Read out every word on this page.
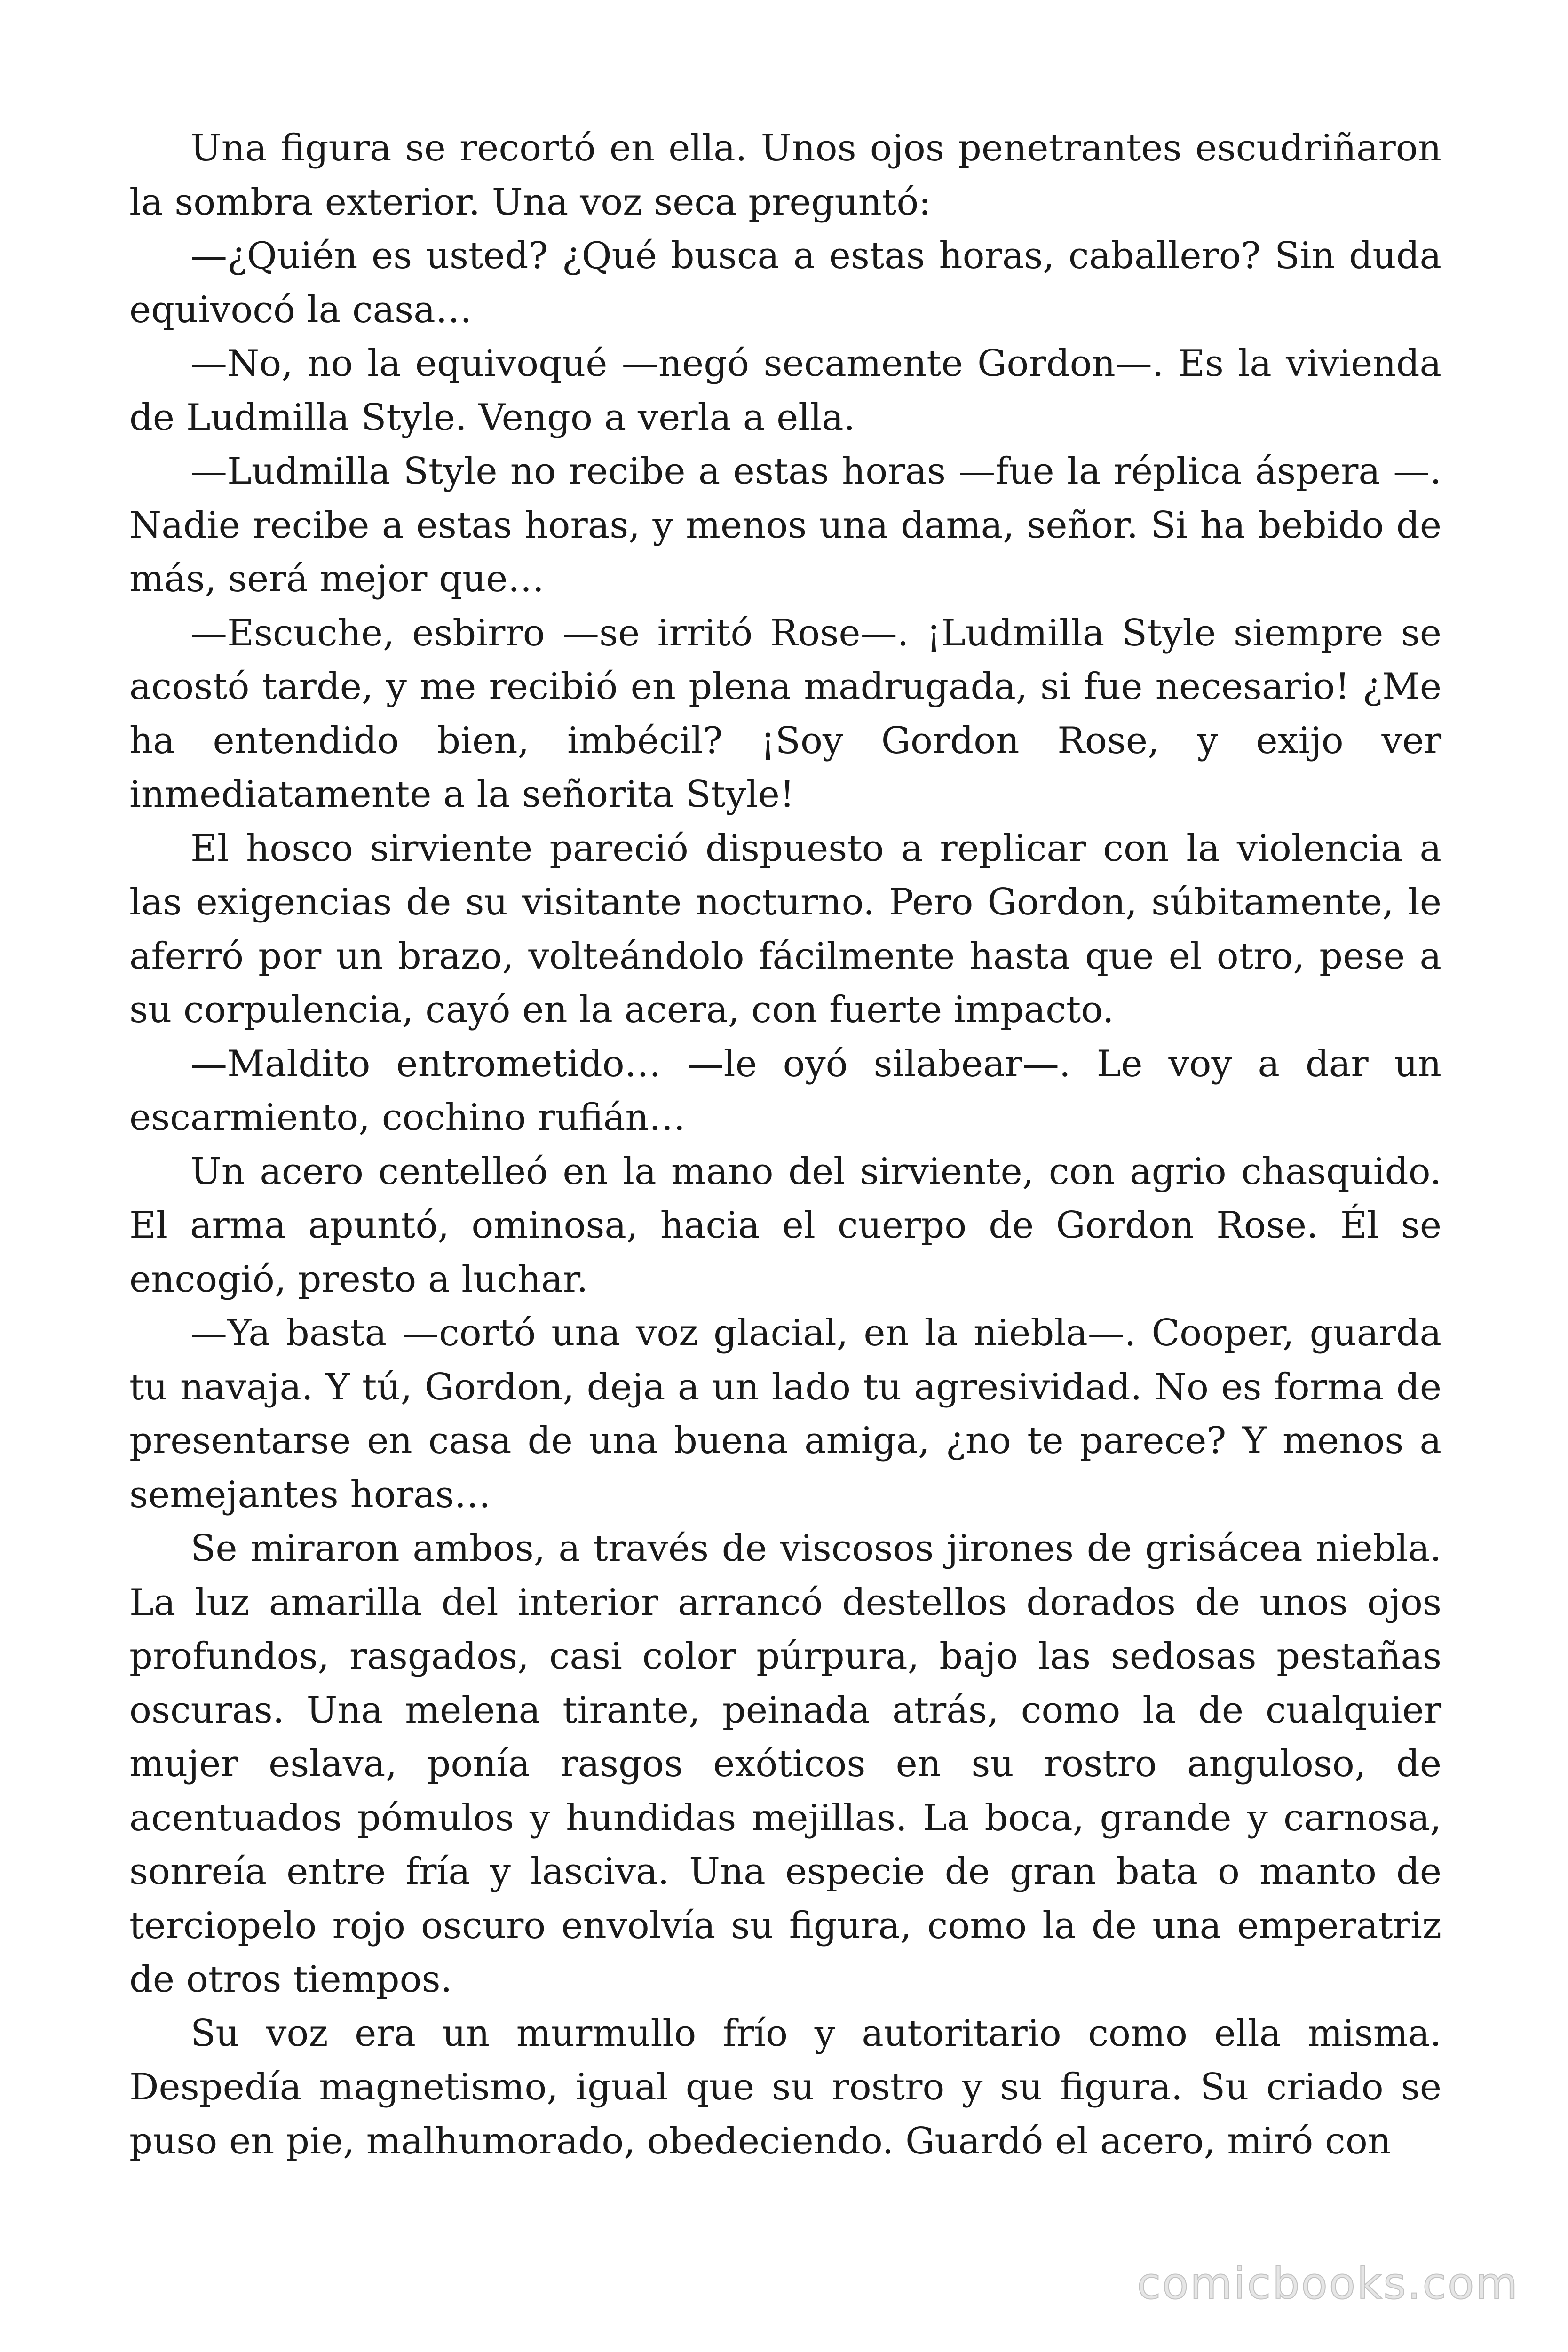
Una figura se recortó en ella. Unos ojos penetrantes escudriñaron la sombra exterior. Una voz seca preguntó:

—¿Quién es usted? ¿Qué busca a estas horas, caballero? Sin duda equivocó la casa…

—No, no la equivoqué —negó secamente Gordon—. Es la vivienda de Ludmilla Style. Vengo a verla a ella.

—Ludmilla Style no recibe a estas horas —fue la réplica áspera —. Nadie recibe a estas horas, y menos una dama, señor. Si ha bebido de más, será mejor que…

—Escuche, esbirro —se irritó Rose—. ¡Ludmilla Style siempre se acostó tarde, y me recibió en plena madrugada, si fue necesario! ¿Me ha entendido bien, imbécil? ¡Soy Gordon Rose, y exijo ver inmediatamente a la señorita Style!

El hosco sirviente pareció dispuesto a replicar con la violencia a las exigencias de su visitante nocturno. Pero Gordon, súbitamente, le aferró por un brazo, volteándolo fácilmente hasta que el otro, pese a su corpulencia, cayó en la acera, con fuerte impacto.

—Maldito entrometido… —le oyó silabear—. Le voy a dar un escarmiento, cochino rufián…

Un acero centelleó en la mano del sirviente, con agrio chasquido. El arma apuntó, ominosa, hacia el cuerpo de Gordon Rose. Él se encogió, presto a luchar.

—Ya basta —cortó una voz glacial, en la niebla—. Cooper, guarda tu navaja. Y tú, Gordon, deja a un lado tu agresividad. No es forma de presentarse en casa de una buena amiga, ¿no te parece? Y menos a semejantes horas…

Se miraron ambos, a través de viscosos jirones de grisácea niebla. La luz amarilla del interior arrancó destellos dorados de unos ojos profundos, rasgados, casi color púrpura, bajo las sedosas pestañas oscuras. Una melena tirante, peinada atrás, como la de cualquier mujer eslava, ponía rasgos exóticos en su rostro anguloso, de acentuados pómulos y hundidas mejillas. La boca, grande y carnosa, sonreía entre fría y lasciva. Una especie de gran bata o manto de terciopelo rojo oscuro envolvía su figura, como la de una emperatriz de otros tiempos.

Su voz era un murmullo frío y autoritario como ella misma. Despedía magnetismo, igual que su rostro y su figura. Su criado se puso en pie, malhumorado, obedeciendo. Guardó el acero, miró con

comicbooks.com
